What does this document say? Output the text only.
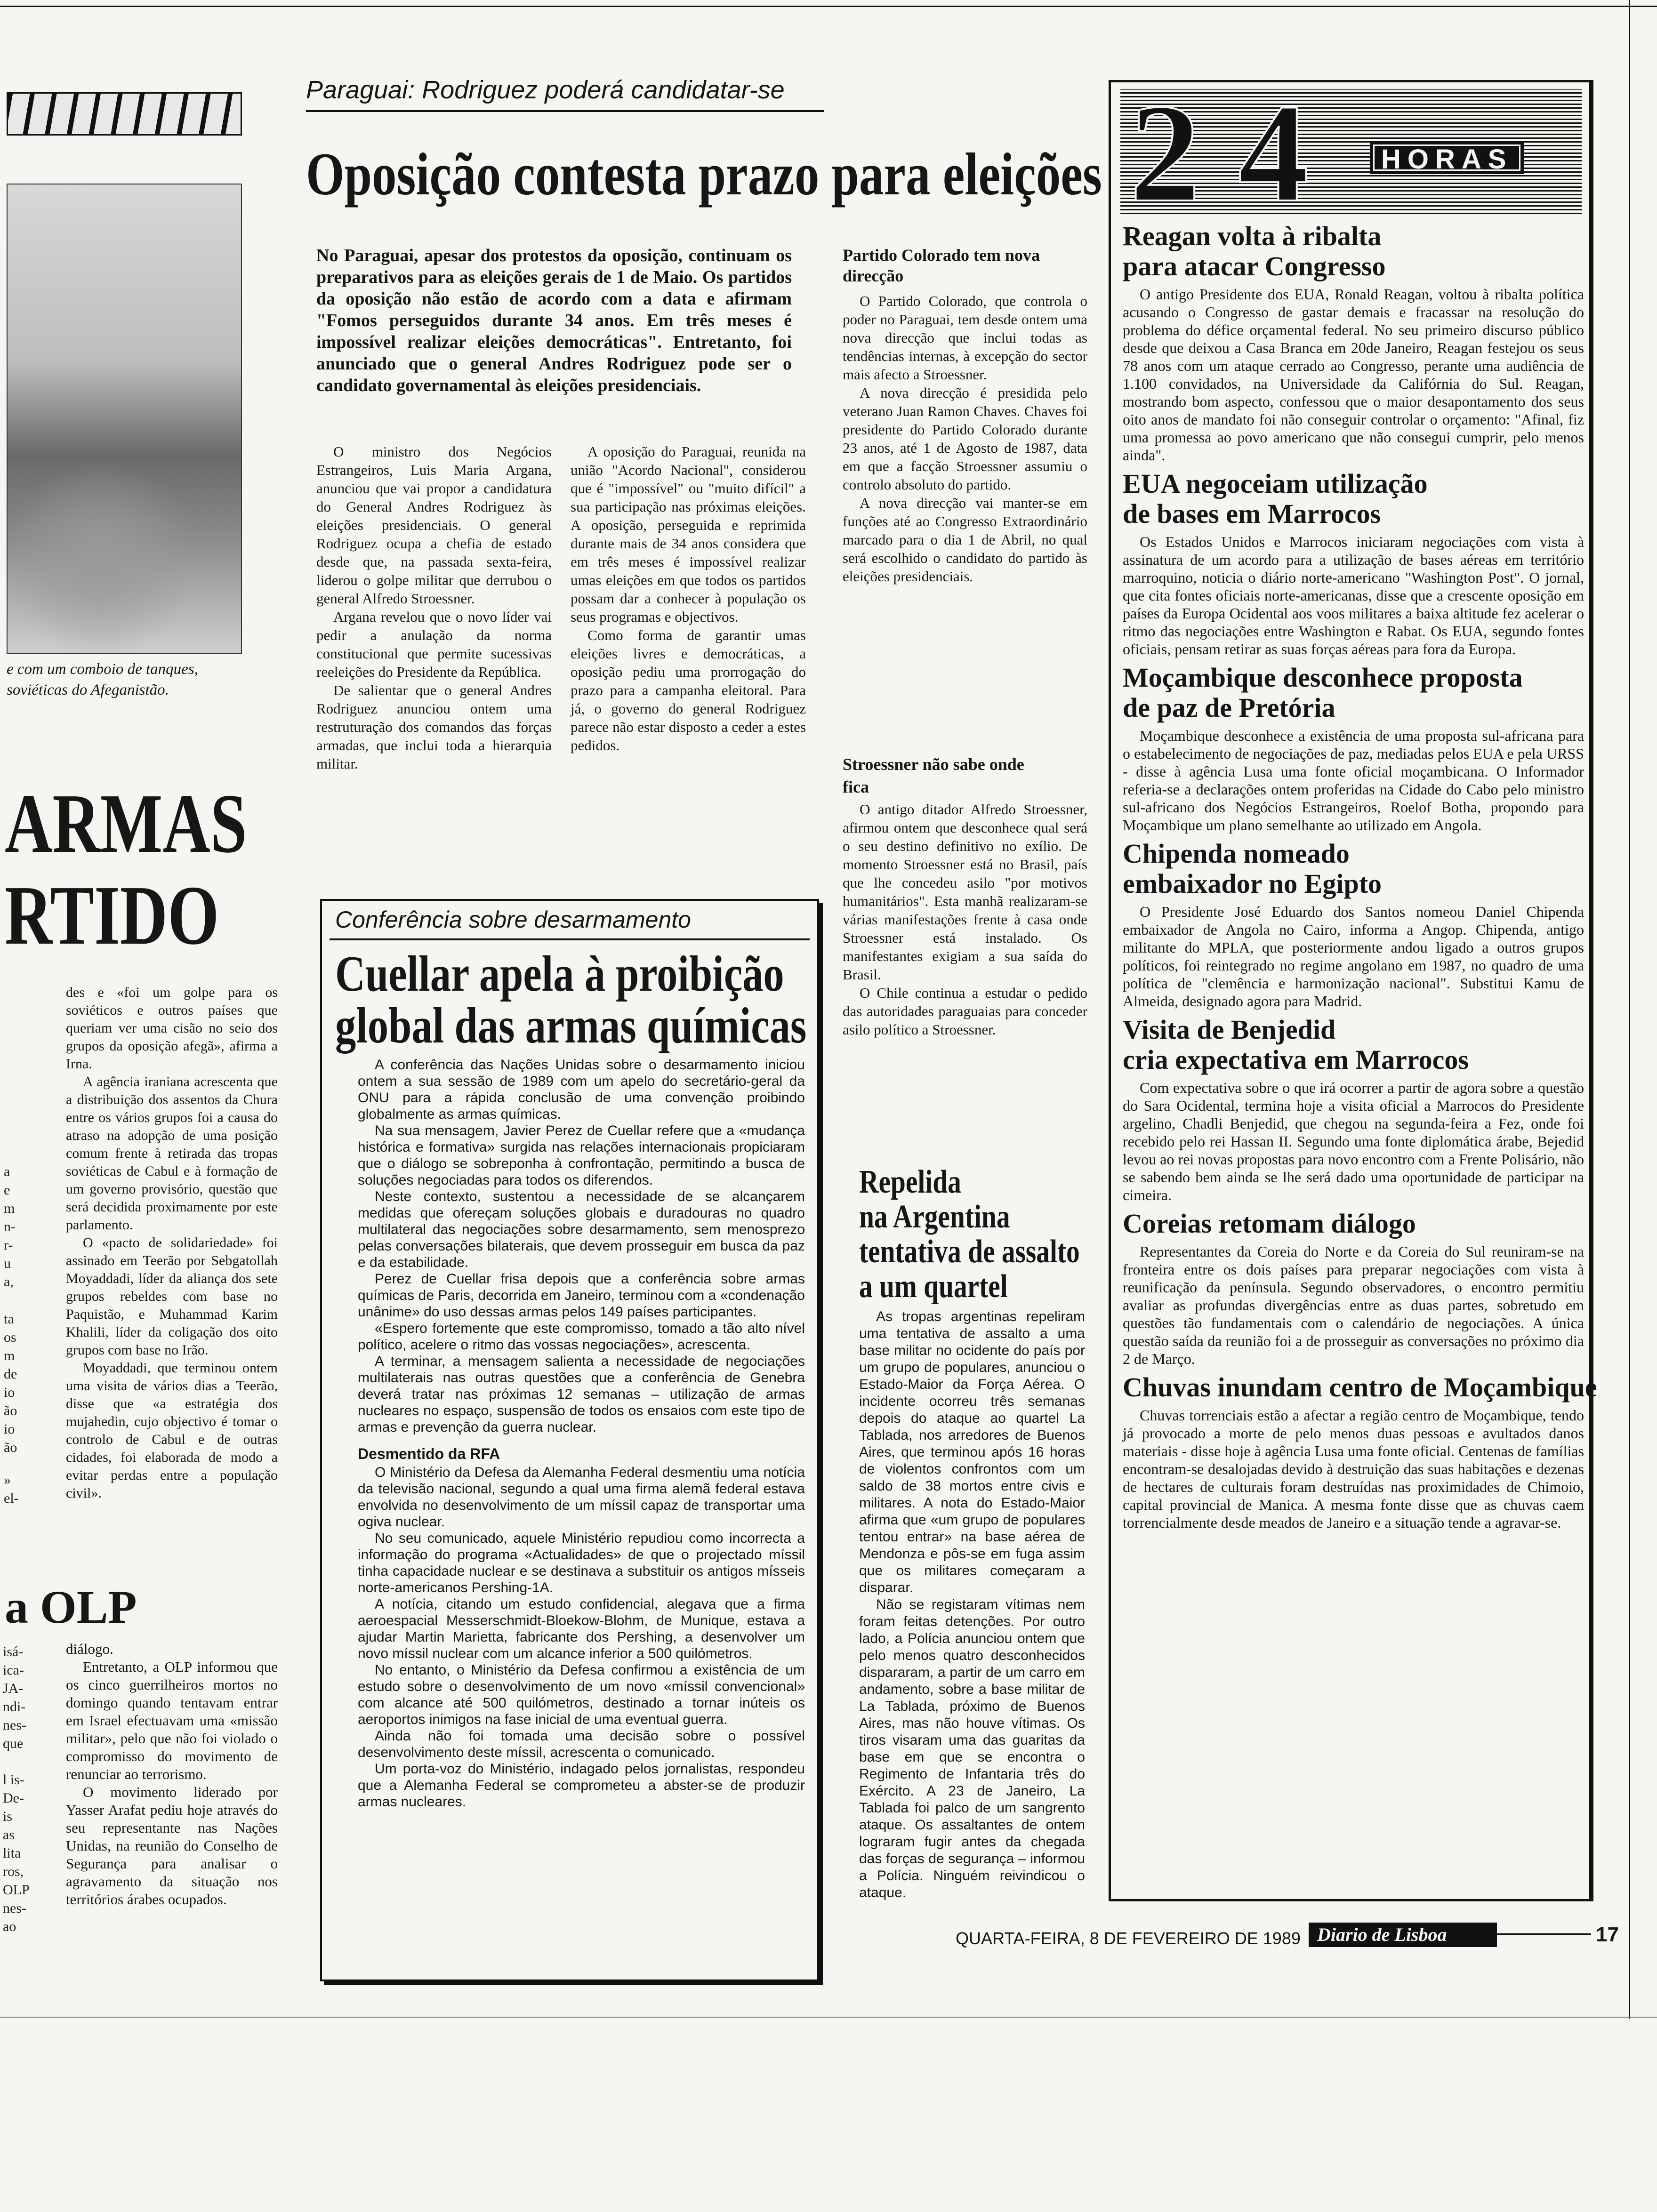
e com um comboio de tanques,
soviéticas do Afeganistão.
ARMAS
RTIDO
a
e
m
n-
r-
u
a,
ta
os
m
de
io
ão
io
ão
»
el-

des e «foi um golpe para os soviéticos e outros países que queriam ver uma cisão no seio dos grupos da oposição afegã», afirma a Irna.

A agência iraniana acrescenta que a distribuição dos assentos da Chura entre os vários grupos foi a causa do atraso na adopção de uma posição comum frente à retirada das tropas soviéticas de Cabul e à formação de um governo provisório, questão que será decidida proximamente por este parlamento.

O «pacto de solidariedade» foi assinado em Teerão por Sebgatollah Moyaddadi, líder da aliança dos sete grupos rebeldes com base no Paquistão, e Muhammad Karim Khalili, líder da coligação dos oito grupos com base no Irão.

Moyaddadi, que terminou ontem uma visita de vários dias a Teerão, disse que «a estratégia dos mujahedin, cujo objectivo é tomar o controlo de Cabul e de outras cidades, foi elaborada de modo a evitar perdas entre a população civil».

a OLP
isá-
ica-
JA-
ndi-
nes-
que
l is-
De-
is
as
lita
ros,
OLP
nes-
ao

diálogo.

Entretanto, a OLP informou que os cinco guerrilheiros mortos no domingo quando tentavam entrar em Israel efectuavam uma «missão militar», pelo que não foi violado o compromisso do movimento de renunciar ao terrorismo.

O movimento liderado por Yasser Arafat pediu hoje através do seu representante nas Nações Unidas, na reunião do Conselho de Segurança para analisar o agravamento da situação nos territórios árabes ocupados.

Paraguai: Rodriguez poderá candidatar-se
Oposição contesta prazo para eleições
No Paraguai, apesar dos protestos da oposição, continuam os preparativos para as eleições gerais de 1 de Maio. Os partidos da oposição não estão de acordo com a data e afirmam "Fomos perseguidos durante 34 anos. Em três meses é impossível realizar eleições democráticas". Entretanto, foi anunciado que o general Andres Rodriguez pode ser o candidato governamental às eleições presidenciais.

O ministro dos Negócios Estrangeiros, Luis Maria Argana, anunciou que vai propor a candidatura do General Andres Rodriguez às eleições presidenciais. O general Rodriguez ocupa a chefia de estado desde que, na passada sexta-feira, liderou o golpe militar que derrubou o general Alfredo Stroessner.

Argana revelou que o novo líder vai pedir a anulação da norma constitucional que permite sucessivas reeleições do Presidente da República.

De salientar que o general Andres Rodriguez anunciou ontem uma restruturação dos comandos das forças armadas, que inclui toda a hierarquia militar.

A oposição do Paraguai, reunida na união "Acordo Nacional", considerou que é "impossível" ou "muito difícil" a sua participação nas próximas eleições. A oposição, perseguida e reprimida durante mais de 34 anos considera que em três meses é impossível realizar umas eleições em que todos os partidos possam dar a conhecer à população os seus programas e objectivos.

Como forma de garantir umas eleições livres e democráticas, a oposição pediu uma prorrogação do prazo para a campanha eleitoral. Para já, o governo do general Rodriguez parece não estar disposto a ceder a estes pedidos.

Partido Colorado tem nova direcção

O Partido Colorado, que controla o poder no Paraguai, tem desde ontem uma nova direcção que inclui todas as tendências internas, à excepção do sector mais afecto a Stroessner.

A nova direcção é presidida pelo veterano Juan Ramon Chaves. Chaves foi presidente do Partido Colorado durante 23 anos, até 1 de Agosto de 1987, data em que a facção Stroessner assumiu o controlo absoluto do partido.

A nova direcção vai manter-se em funções até ao Congresso Extraordinário marcado para o dia 1 de Abril, no qual será escolhido o candidato do partido às eleições presidenciais.

Stroessner não sabe onde fica

O antigo ditador Alfredo Stroessner, afirmou ontem que desconhece qual será o seu destino definitivo no exílio. De momento Stroessner está no Brasil, país que lhe concedeu asilo "por motivos humanitários". Esta manhã realizaram-se várias manifestações frente à casa onde Stroessner está instalado. Os manifestantes exigiam a sua saída do Brasil.

O Chile continua a estudar o pedido das autoridades paraguaias para conceder asilo político a Stroessner.

Conferência sobre desarmamento
Cuellar apela à proibição
global das armas químicas

A conferência das Nações Unidas sobre o desarmamento iniciou ontem a sua sessão de 1989 com um apelo do secretário-geral da ONU para a rápida conclusão de uma convenção proibindo globalmente as armas químicas.

Na sua mensagem, Javier Perez de Cuellar refere que a «mudança histórica e formativa» surgida nas relações internacionais propiciaram que o diálogo se sobreponha à confrontação, permitindo a busca de soluções negociadas para todos os diferendos.

Neste contexto, sustentou a necessidade de se alcançarem medidas que ofereçam soluções globais e duradouras no quadro multilateral das negociações sobre desarmamento, sem menosprezo pelas conversações bilaterais, que devem prosseguir em busca da paz e da estabilidade.

Perez de Cuellar frisa depois que a conferência sobre armas químicas de Paris, decorrida em Janeiro, terminou com a «condenação unânime» do uso dessas armas pelos 149 países participantes.

«Espero fortemente que este compromisso, tomado a tão alto nível político, acelere o ritmo das vossas negociações», acrescenta.

A terminar, a mensagem salienta a necessidade de negociações multilaterais nas outras questões que a conferência de Genebra deverá tratar nas próximas 12 semanas – utilização de armas nucleares no espaço, suspensão de todos os ensaios com este tipo de armas e prevenção da guerra nuclear.

Desmentido da RFA

O Ministério da Defesa da Alemanha Federal desmentiu uma notícia da televisão nacional, segundo a qual uma firma alemã federal estava envolvida no desenvolvimento de um míssil capaz de transportar uma ogiva nuclear.

No seu comunicado, aquele Ministério repudiou como incorrecta a informação do programa «Actualidades» de que o projectado míssil tinha capacidade nuclear e se destinava a substituir os antigos mísseis norte-americanos Pershing-1A.

A notícia, citando um estudo confidencial, alegava que a firma aeroespacial Messerschmidt-Bloekow-Blohm, de Munique, estava a ajudar Martin Marietta, fabricante dos Pershing, a desenvolver um novo míssil nuclear com um alcance inferior a 500 quilómetros.

No entanto, o Ministério da Defesa confirmou a existência de um estudo sobre o desenvolvimento de um novo «míssil convencional» com alcance até 500 quilómetros, destinado a tornar inúteis os aeroportos inimigos na fase inicial de uma eventual guerra.

Ainda não foi tomada uma decisão sobre o possível desenvolvimento deste míssil, acrescenta o comunicado.

Um porta-voz do Ministério, indagado pelos jornalistas, respondeu que a Alemanha Federal se comprometeu a abster-se de produzir armas nucleares.

Repelida
na Argentina
tentativa de assalto
a um quartel

As tropas argentinas repeliram uma tentativa de assalto a uma base militar no ocidente do país por um grupo de populares, anunciou o Estado-Maior da Força Aérea. O incidente ocorreu três semanas depois do ataque ao quartel La Tablada, nos arredores de Buenos Aires, que terminou após 16 horas de violentos confrontos com um saldo de 38 mortos entre civis e militares. A nota do Estado-Maior afirma que «um grupo de populares tentou entrar» na base aérea de Mendonza e pôs-se em fuga assim que os militares começaram a disparar.

Não se registaram vítimas nem foram feitas detenções. Por outro lado, a Polícia anunciou ontem que pelo menos quatro desconhecidos dispararam, a partir de um carro em andamento, sobre a base militar de La Tablada, próximo de Buenos Aires, mas não houve vítimas. Os tiros visaram uma das guaritas da base em que se encontra o Regimento de Infantaria três do Exército. A 23 de Janeiro, La Tablada foi palco de um sangrento ataque. Os assaltantes de ontem lograram fugir antes da chegada das forças de segurança – informou a Polícia. Ninguém reivindicou o ataque.

2 4	HORAS
Reagan volta à ribalta
para atacar Congresso
O antigo Presidente dos EUA, Ronald Reagan, voltou à ribalta política acusando o Congresso de gastar demais e fracassar na resolução do problema do défice orçamental federal. No seu primeiro discurso público desde que deixou a Casa Branca em 20de Janeiro, Reagan festejou os seus 78 anos com um ataque cerrado ao Congresso, perante uma audiência de 1.100 convidados, na Universidade da Califórnia do Sul. Reagan, mostrando bom aspecto, confessou que o maior desapontamento dos seus oito anos de mandato foi não conseguir controlar o orçamento: "Afinal, fiz uma promessa ao povo americano que não consegui cumprir, pelo menos ainda".
EUA negoceiam utilização
de bases em Marrocos
Os Estados Unidos e Marrocos iniciaram negociações com vista à assinatura de um acordo para a utilização de bases aéreas em território marroquino, noticia o diário norte-americano "Washington Post". O jornal, que cita fontes oficiais norte-americanas, disse que a crescente oposição em países da Europa Ocidental aos voos militares a baixa altitude fez acelerar o ritmo das negociações entre Washington e Rabat. Os EUA, segundo fontes oficiais, pensam retirar as suas forças aéreas para fora da Europa.
Moçambique desconhece proposta
de paz de Pretória
Moçambique desconhece a existência de uma proposta sul-africana para o estabelecimento de negociações de paz, mediadas pelos EUA e pela URSS - disse à agência Lusa uma fonte oficial moçambicana. O Informador referia-se a declarações ontem proferidas na Cidade do Cabo pelo ministro sul-africano dos Negócios Estrangeiros, Roelof Botha, propondo para Moçambique um plano semelhante ao utilizado em Angola.
Chipenda nomeado
embaixador no Egipto
O Presidente José Eduardo dos Santos nomeou Daniel Chipenda embaixador de Angola no Cairo, informa a Angop. Chipenda, antigo militante do MPLA, que posteriormente andou ligado a outros grupos políticos, foi reintegrado no regime angolano em 1987, no quadro de uma política de "clemência e harmonização nacional". Substitui Kamu de Almeida, designado agora para Madrid.
Visita de Benjedid
cria expectativa em Marrocos
Com expectativa sobre o que irá ocorrer a partir de agora sobre a questão do Sara Ocidental, termina hoje a visita oficial a Marrocos do Presidente argelino, Chadli Benjedid, que chegou na segunda-feira a Fez, onde foi recebido pelo rei Hassan II. Segundo uma fonte diplomática árabe, Bejedid levou ao rei novas propostas para novo encontro com a Frente Polisário, não se sabendo bem ainda se lhe será dado uma oportunidade de participar na cimeira.
Coreias retomam diálogo
Representantes da Coreia do Norte e da Coreia do Sul reuniram-se na fronteira entre os dois países para preparar negociações com vista à reunificação da península. Segundo observadores, o encontro permitiu avaliar as profundas divergências entre as duas partes, sobretudo em questões tão fundamentais com o calendário de negociações. A única questão saída da reunião foi a de prosseguir as conversações no próximo dia 2 de Março.
Chuvas inundam centro de Moçambique
Chuvas torrenciais estão a afectar a região centro de Moçambique, tendo já provocado a morte de pelo menos duas pessoas e avultados danos materiais - disse hoje à agência Lusa uma fonte oficial. Centenas de famílias encontram-se desalojadas devido à destruição das suas habitações e dezenas de hectares de culturais foram destruídas nas proximidades de Chimoio, capital provincial de Manica. A mesma fonte disse que as chuvas caem torrencialmente desde meados de Janeiro e a situação tende a agravar-se.
QUARTA-FEIRA, 8 DE FEVEREIRO DE 1989 Diario de Lisboa	17
